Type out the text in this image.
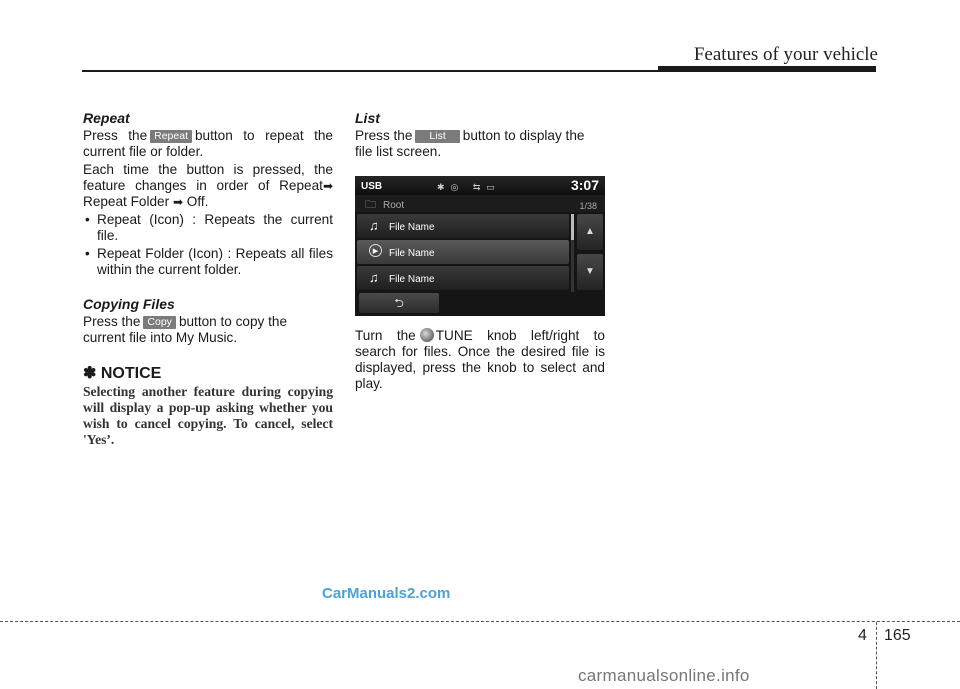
Features of your vehicle
Repeat

Press the Repeat button to repeat the current file or folder.

Each time the button is pressed, the feature changes in order of Repeat➡ Repeat Folder ➡ Off.

• Repeat (Icon) : Repeats the current file.
• Repeat Folder (Icon) : Repeats all files within the current folder.
Copying Files

Press the Copy button to copy the current file into My Music.

✽ NOTICE
Selecting another feature during copying will display a pop-up asking whether you wish to cancel copying. To cancel, select 'Yes’.
List

Press the List button to display the file list screen.

USB	✱◎ ⇆▭	3:07
🗀 Root	1/38
♫ File Name
▶	File Name
♫ File Name
▲
▼
⮌

Turn the TUNE knob left/right to search for files. Once the desired file is displayed, press the knob to select and play.

CarManuals2.com
4 165
carmanualsonline.info
